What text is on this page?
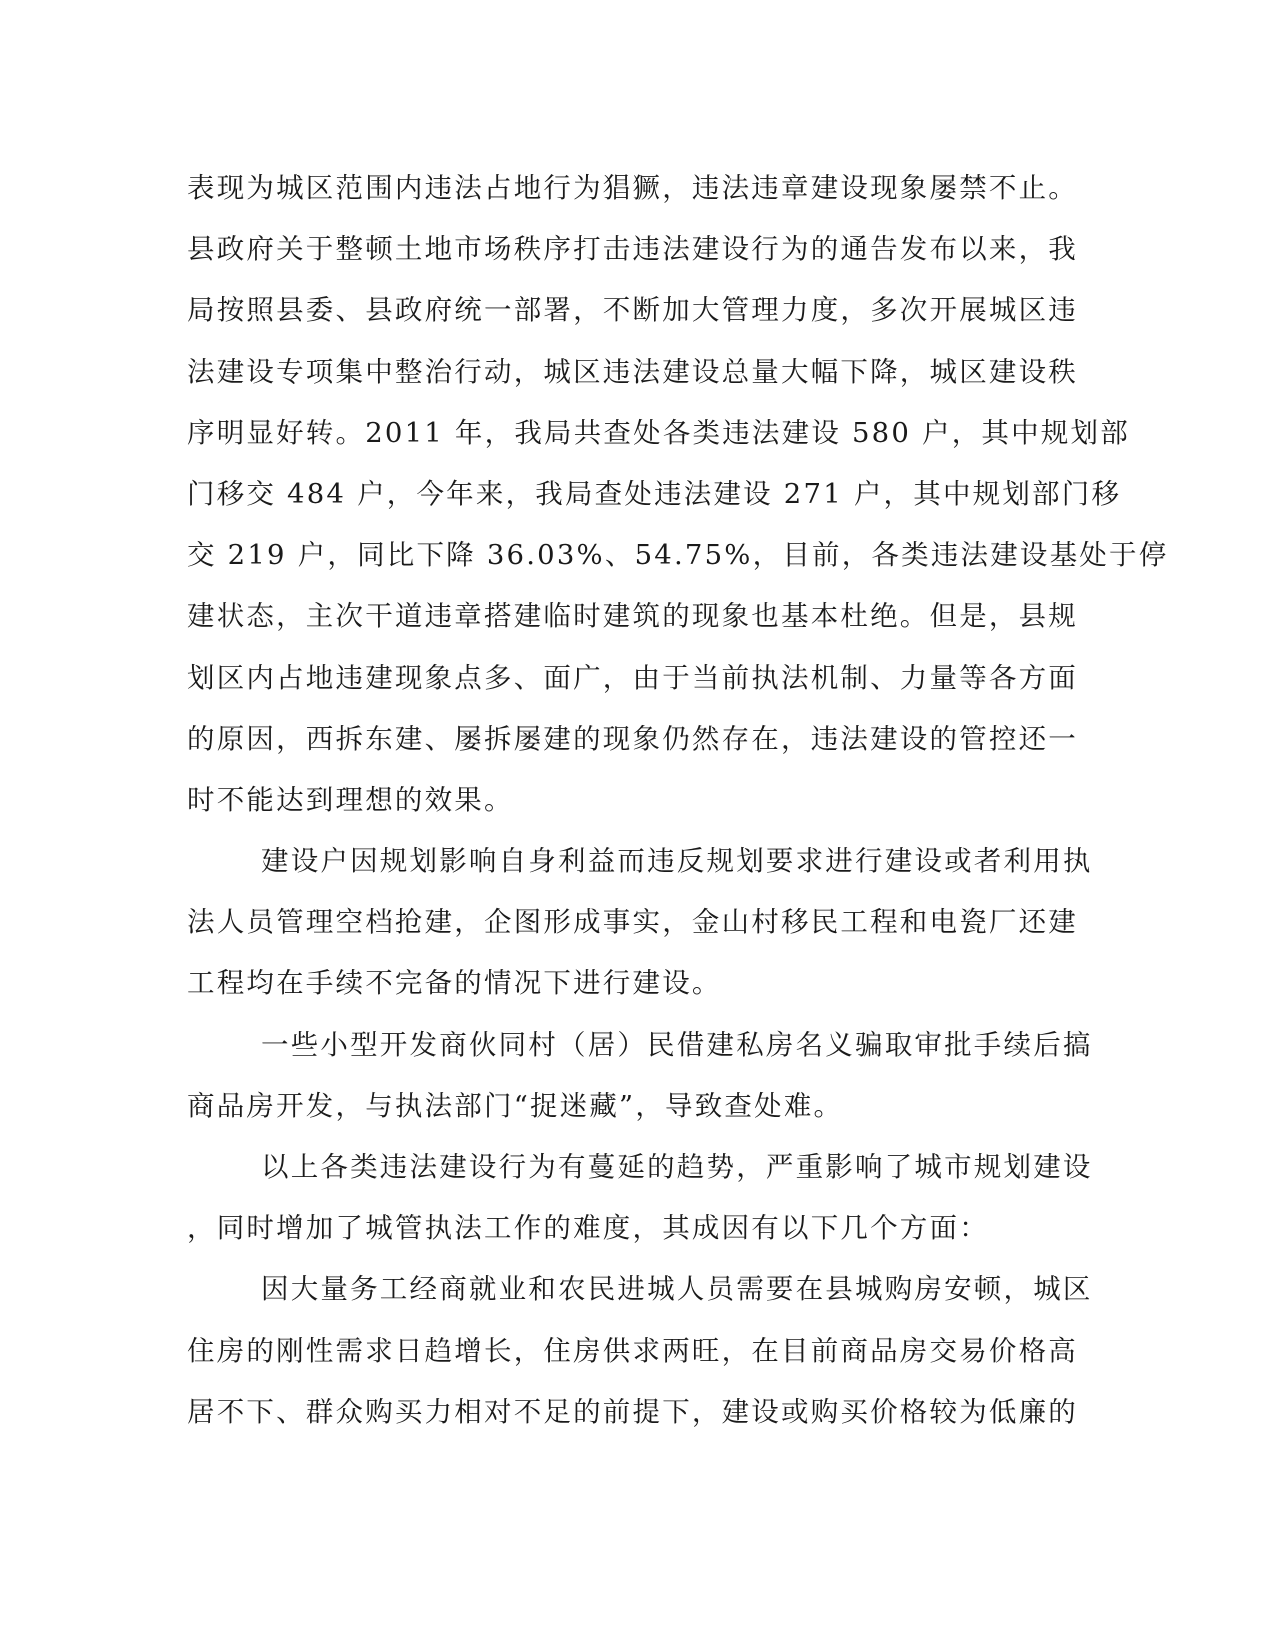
表现为城区范围内违法占地行为猖獗，违法违章建设现象屡禁不止。
县政府关于整顿土地市场秩序打击违法建设行为的通告发布以来，我
局按照县委、县政府统一部署，不断加大管理力度，多次开展城区违
法建设专项集中整治行动，城区违法建设总量大幅下降，城区建设秩
序明显好转。2011 年，我局共查处各类违法建设 580 户，其中规划部
门移交 484 户，今年来，我局查处违法建设 271 户，其中规划部门移
交 219 户，同比下降 36.03%、54.75%，目前，各类违法建设基处于停
建状态，主次干道违章搭建临时建筑的现象也基本杜绝。但是，县规
划区内占地违建现象点多、面广，由于当前执法机制、力量等各方面
的原因，西拆东建、屡拆屡建的现象仍然存在，违法建设的管控还一
时不能达到理想的效果。
建设户因规划影响自身利益而违反规划要求进行建设或者利用执
法人员管理空档抢建，企图形成事实，金山村移民工程和电瓷厂还建
工程均在手续不完备的情况下进行建设。
一些小型开发商伙同村（居）民借建私房名义骗取审批手续后搞
商品房开发，与执法部门“捉迷藏”，导致查处难。
以上各类违法建设行为有蔓延的趋势，严重影响了城市规划建设
，同时增加了城管执法工作的难度，其成因有以下几个方面：
因大量务工经商就业和农民进城人员需要在县城购房安顿，城区
住房的刚性需求日趋增长，住房供求两旺，在目前商品房交易价格高
居不下、群众购买力相对不足的前提下，建设或购买价格较为低廉的
